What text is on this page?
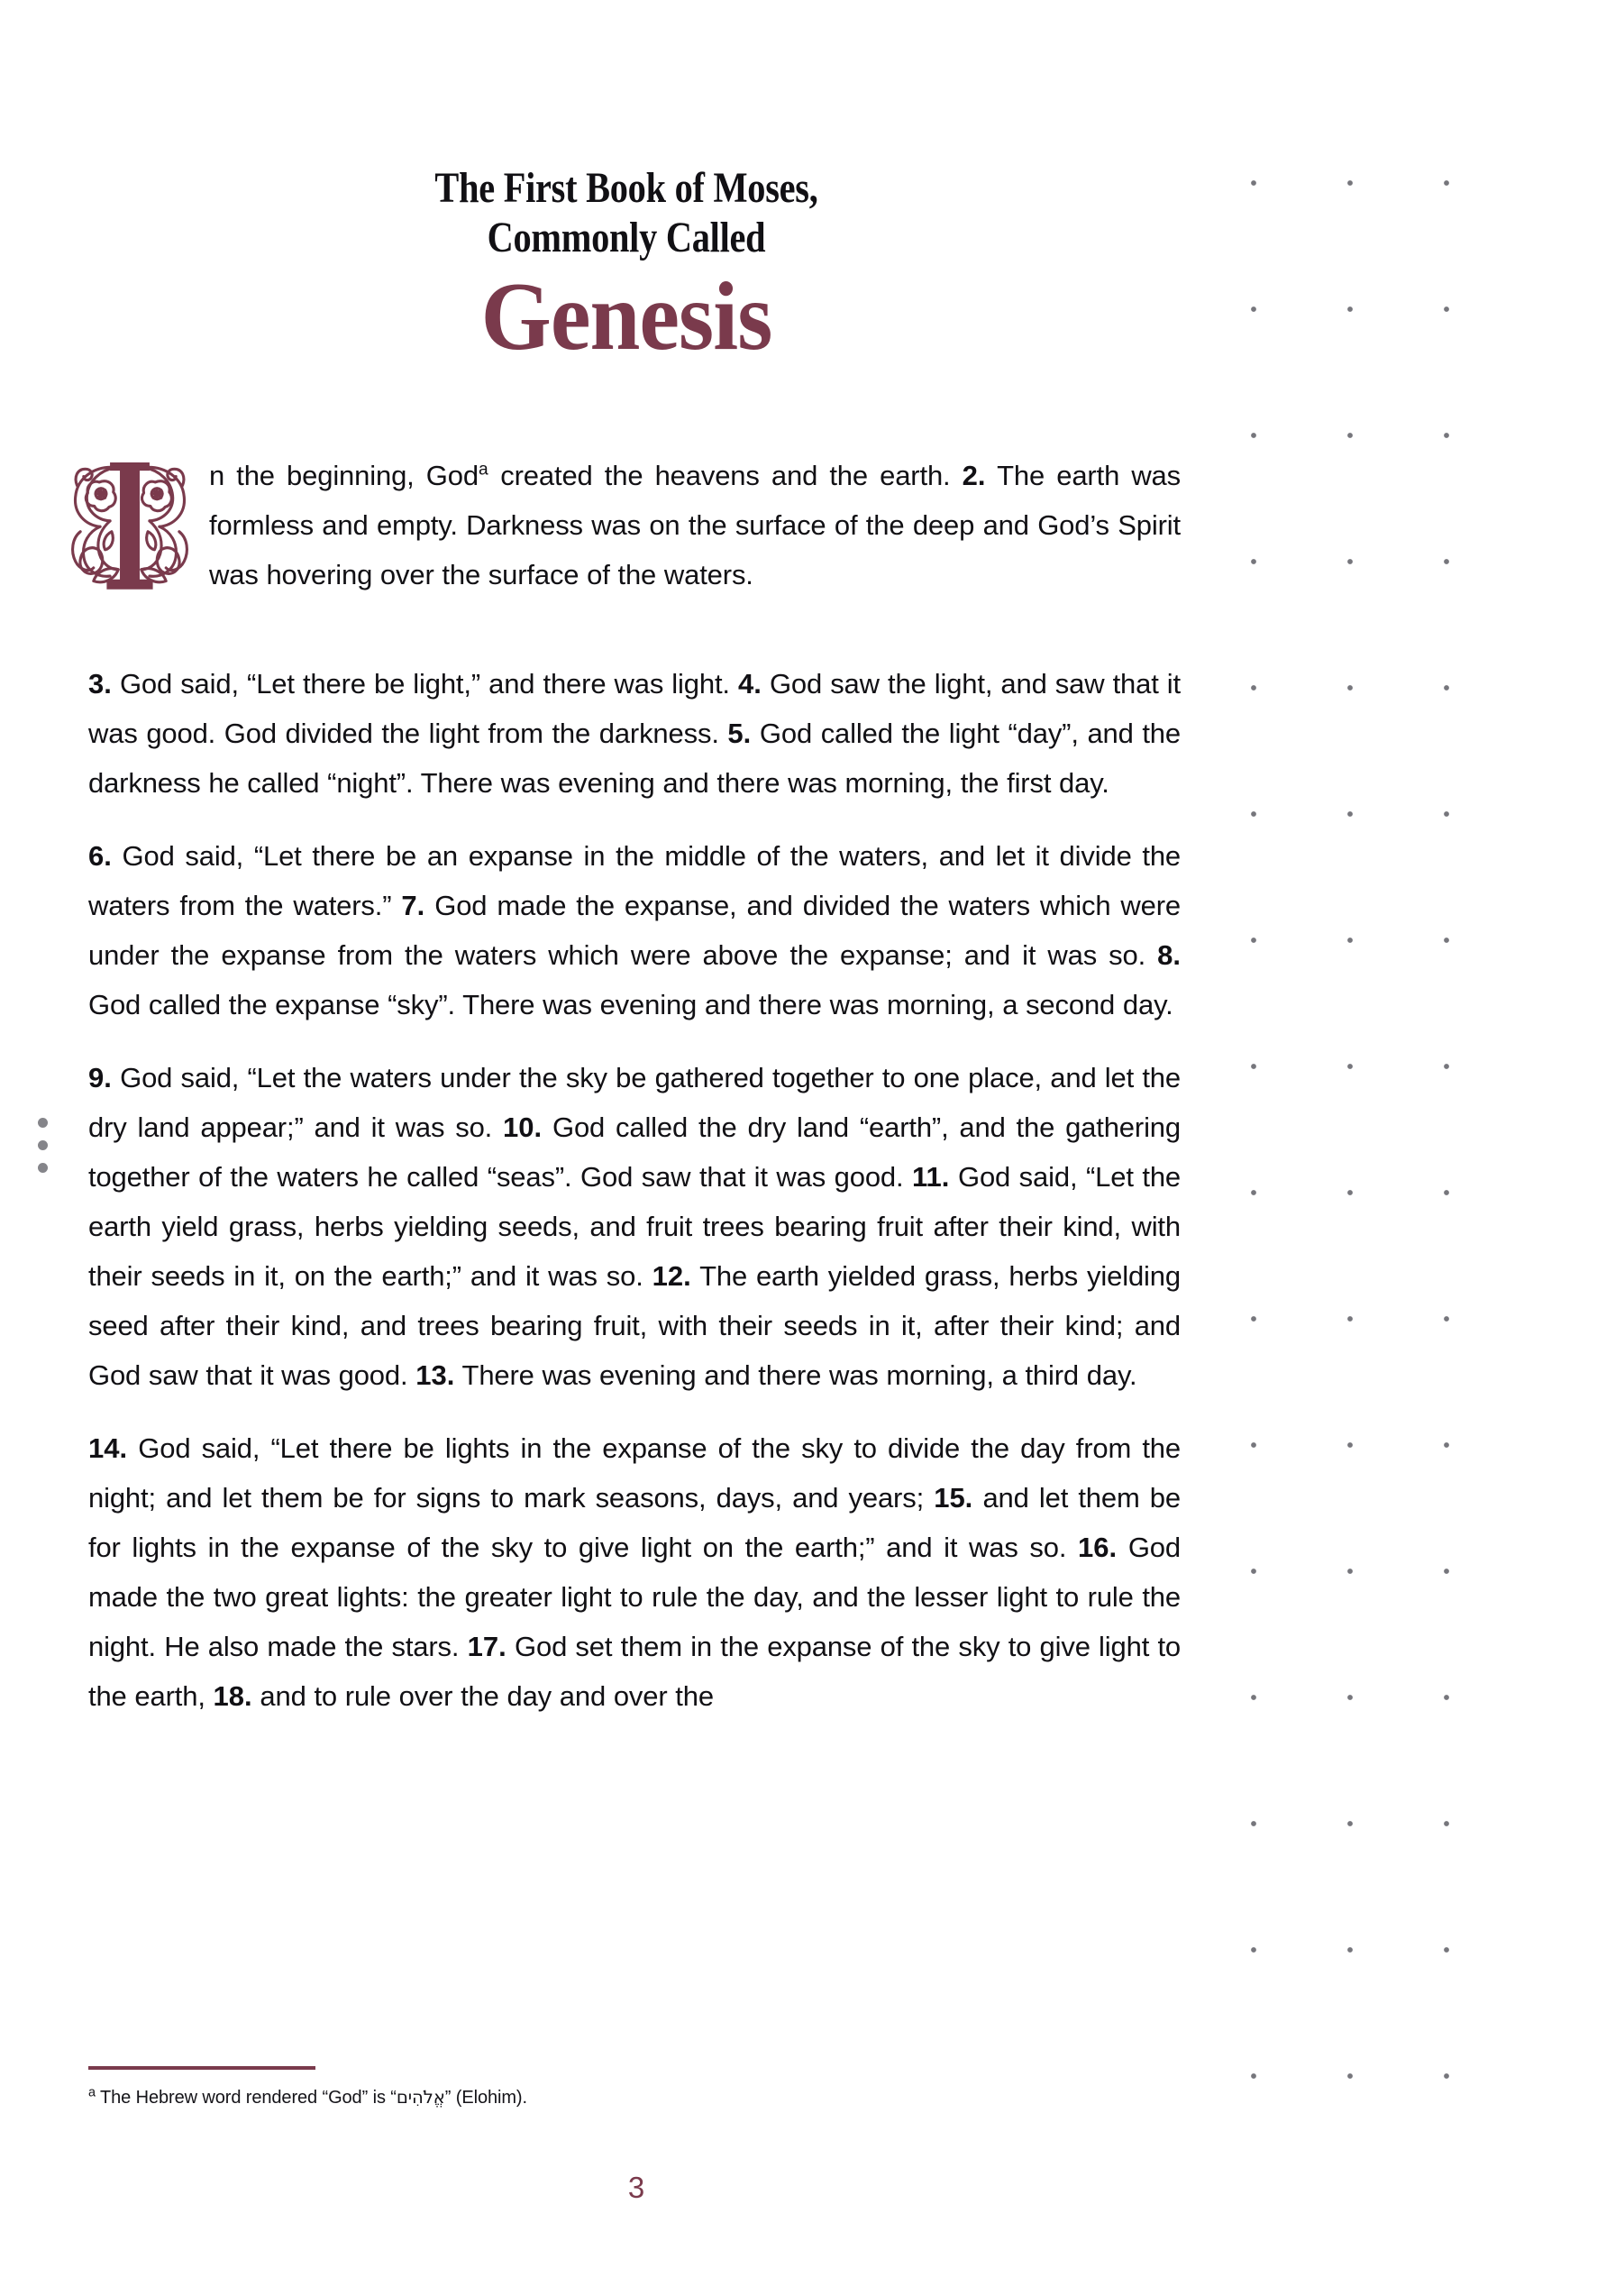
The First Book of Moses,
Commonly Called
Genesis

n the beginning, God$^a$ created the heavens and the earth. 2. The earth was formless and empty. Darkness was on the surface of the deep and God’s Spirit was hovering over the surface of the waters.

3. God said, “Let there be light,” and there was light. 4. God saw the light, and saw that it was good. God divided the light from the darkness. 5. God called the light “day”, and the darkness he called “night”. There was evening and there was morning, the first day.

6. God said, “Let there be an expanse in the middle of the waters, and let it divide the waters from the waters.” 7. God made the expanse, and divided the waters which were under the expanse from the waters which were above the expanse; and it was so. 8. God called the expanse “sky”. There was evening and there was morning, a second day.

9. God said, “Let the waters under the sky be gathered together to one place, and let the dry land appear;” and it was so. 10. God called the dry land “earth”, and the gathering together of the waters he called “seas”. God saw that it was good. 11. God said, “Let the earth yield grass, herbs yielding seeds, and fruit trees bearing fruit after their kind, with their seeds in it, on the earth;” and it was so. 12. The earth yielded grass, herbs yielding seed after their kind, and trees bearing fruit, with their seeds in it, after their kind; and God saw that it was good. 13. There was evening and there was morning, a third day.

14. God said, “Let there be lights in the expanse of the sky to divide the day from the night; and let them be for signs to mark seasons, days, and years; 15. and let them be for lights in the expanse of the sky to give light on the earth;” and it was so. 16. God made the two great lights: the greater light to rule the day, and the lesser light to rule the night. He also made the stars. 17. God set them in the expanse of the sky to give light to the earth, 18. and to rule over the day and over the

$^a$ The Hebrew word rendered “God” is “אֱלֹהִים” (Elohim).
3
